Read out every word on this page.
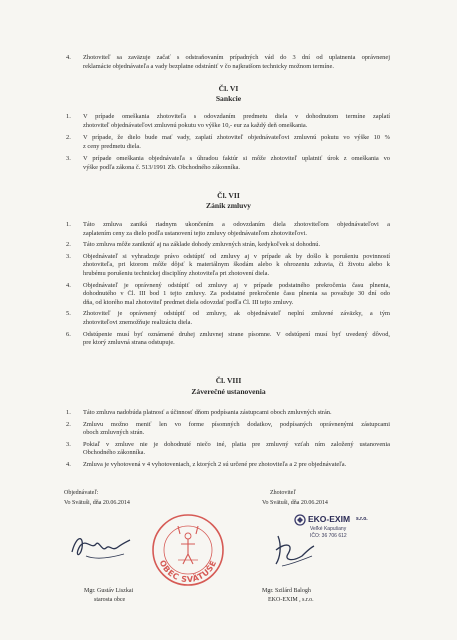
4. Zhotoviteľ sa zaväzuje začať s odstraňovaním prípadných vád do 3 dní od uplatnenia oprávnenej
reklamácie objednávateľa a vady bezplatne odstrániť v čo najkratšom technicky možnom termíne.
Čl. VI
Sankcie
1. V prípade omeškania zhotoviteľa s odovzdaním predmetu diela v dohodnutom termíne zaplatí
zhotoviteľ objednávateľovi zmluvnú pokutu vo výške 10,- eur za každý deň omeškania.
2. V prípade, že dielo bude mať vady, zaplatí zhotoviteľ objednávateľovi zmluvnú pokutu vo výške 10 %
z ceny predmetu diela.
3. V prípade omeškania objednávateľa s úhradou faktúr si môže zhotoviteľ uplatniť úrok z omeškania vo
výške podľa zákona č. 513/1991 Zb. Obchodného zákonníka.
Čl. VII
Zánik zmluvy
1. Táto zmluva zaniká riadnym ukončením a odovzdaním diela zhotoviteľom objednávateľovi a
zaplatením ceny za dielo podľa ustanovení tejto zmluvy objednávateľom zhotoviteľovi.
2. Táto zmluva môže zaniknúť aj na základe dohody zmluvných strán, kedykoľvek si dohodnú.
3. Objednávateľ si vyhradzuje právo odstúpiť od zmluvy aj v prípade ak by došlo k porušeniu povinností
zhotoviteľa, pri ktorom môže dôjsť k materiálnym škodám alebo k ohrozeniu zdravia, či životu alebo k
hrubému porušeniu technickej disciplíny zhotoviteľa pri zhotovení diela.
4. Objednávateľ je oprávnený odstúpiť od zmluvy aj v prípade podstatného prekročenia času plnenia,
dohodnutého v Čl. III bod 1 tejto zmluvy. Za podstatné prekročenie času plnenia sa považuje 30 dní odo
dňa, od ktorého mal zhotoviteľ predmet diela odovzdať podľa Čl. III tejto zmluvy.
5. Zhotoviteľ je oprávnený odstúpiť od zmluvy, ak objednávateľ neplní zmluvné záväzky, a tým
zhotoviteľovi znemožňuje realizáciu diela.
6. Odstúpenie musí byť oznámené druhej zmluvnej strane písomne. V odstúpení musí byť uvedený dôvod,
pre ktorý zmluvná strana odstupuje.
Čl. VIII
Záverečné ustanovenia
1. Táto zmluva nadobúda platnosť a účinnosť dňom podpísania zástupcami oboch zmluvných strán.
2. Zmluvu možno meniť len vo forme písomných dodatkov, podpísaných oprávnenými zástupcami
oboch zmluvných strán.
3. Pokiaľ v zmluve nie je dohodnuté niečo iné, platia pre zmluvný vzťah ním založený ustanovenia
Obchodného zákonníka.
4. Zmluva je vyhotovená v 4 vyhotoveniach, z ktorých 2 sú určené pre zhotoviteľa a 2 pre objednávateľa.
Objednávateľ:
Vo Svätuši, dňa 20.06.2014
Mgr. Gustáv Liszkai
starosta obce
Zhotoviteľ
Vo Svätuši, dňa 20.06.2014
Mgr. Szilárd Balogh
EKO-EXIM , s.r.o.
OBEC SVÄTUŠE
EKO-EXIM s.r.o.
Veľké Kapušany
IČO: 36 706 612
